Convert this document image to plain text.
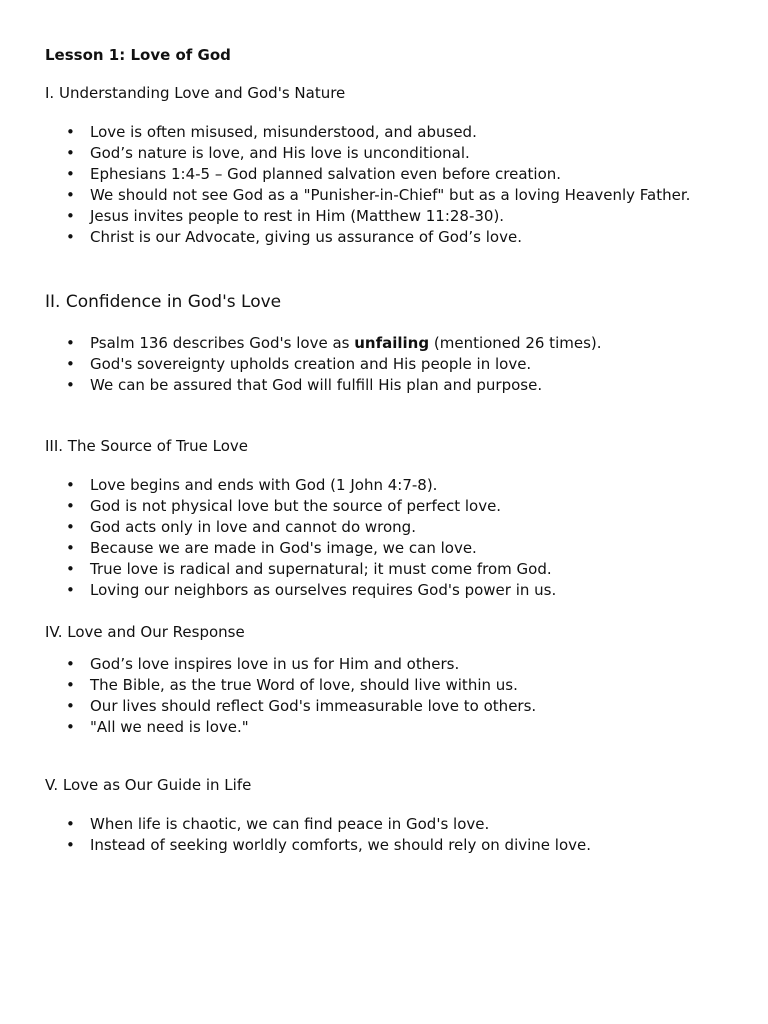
Lesson 1: Love of God
I. Understanding Love and God's Nature
• Love is often misused, misunderstood, and abused.
• God’s nature is love, and His love is unconditional.
• Ephesians 1:4-5 – God planned salvation even before creation.
• We should not see God as a "Punisher-in-Chief" but as a loving Heavenly Father.
• Jesus invites people to rest in Him (Matthew 11:28-30).
• Christ is our Advocate, giving us assurance of God’s love.
II. Confidence in God's Love
• Psalm 136 describes God's love as unfailing (mentioned 26 times).
• God's sovereignty upholds creation and His people in love.
• We can be assured that God will fulfill His plan and purpose.
III. The Source of True Love
• Love begins and ends with God (1 John 4:7-8).
• God is not physical love but the source of perfect love.
• God acts only in love and cannot do wrong.
• Because we are made in God's image, we can love.
• True love is radical and supernatural; it must come from God.
• Loving our neighbors as ourselves requires God's power in us.
IV. Love and Our Response
• God’s love inspires love in us for Him and others.
• The Bible, as the true Word of love, should live within us.
• Our lives should reflect God's immeasurable love to others.
• "All we need is love."
V. Love as Our Guide in Life
• When life is chaotic, we can find peace in God's love.
• Instead of seeking worldly comforts, we should rely on divine love.
